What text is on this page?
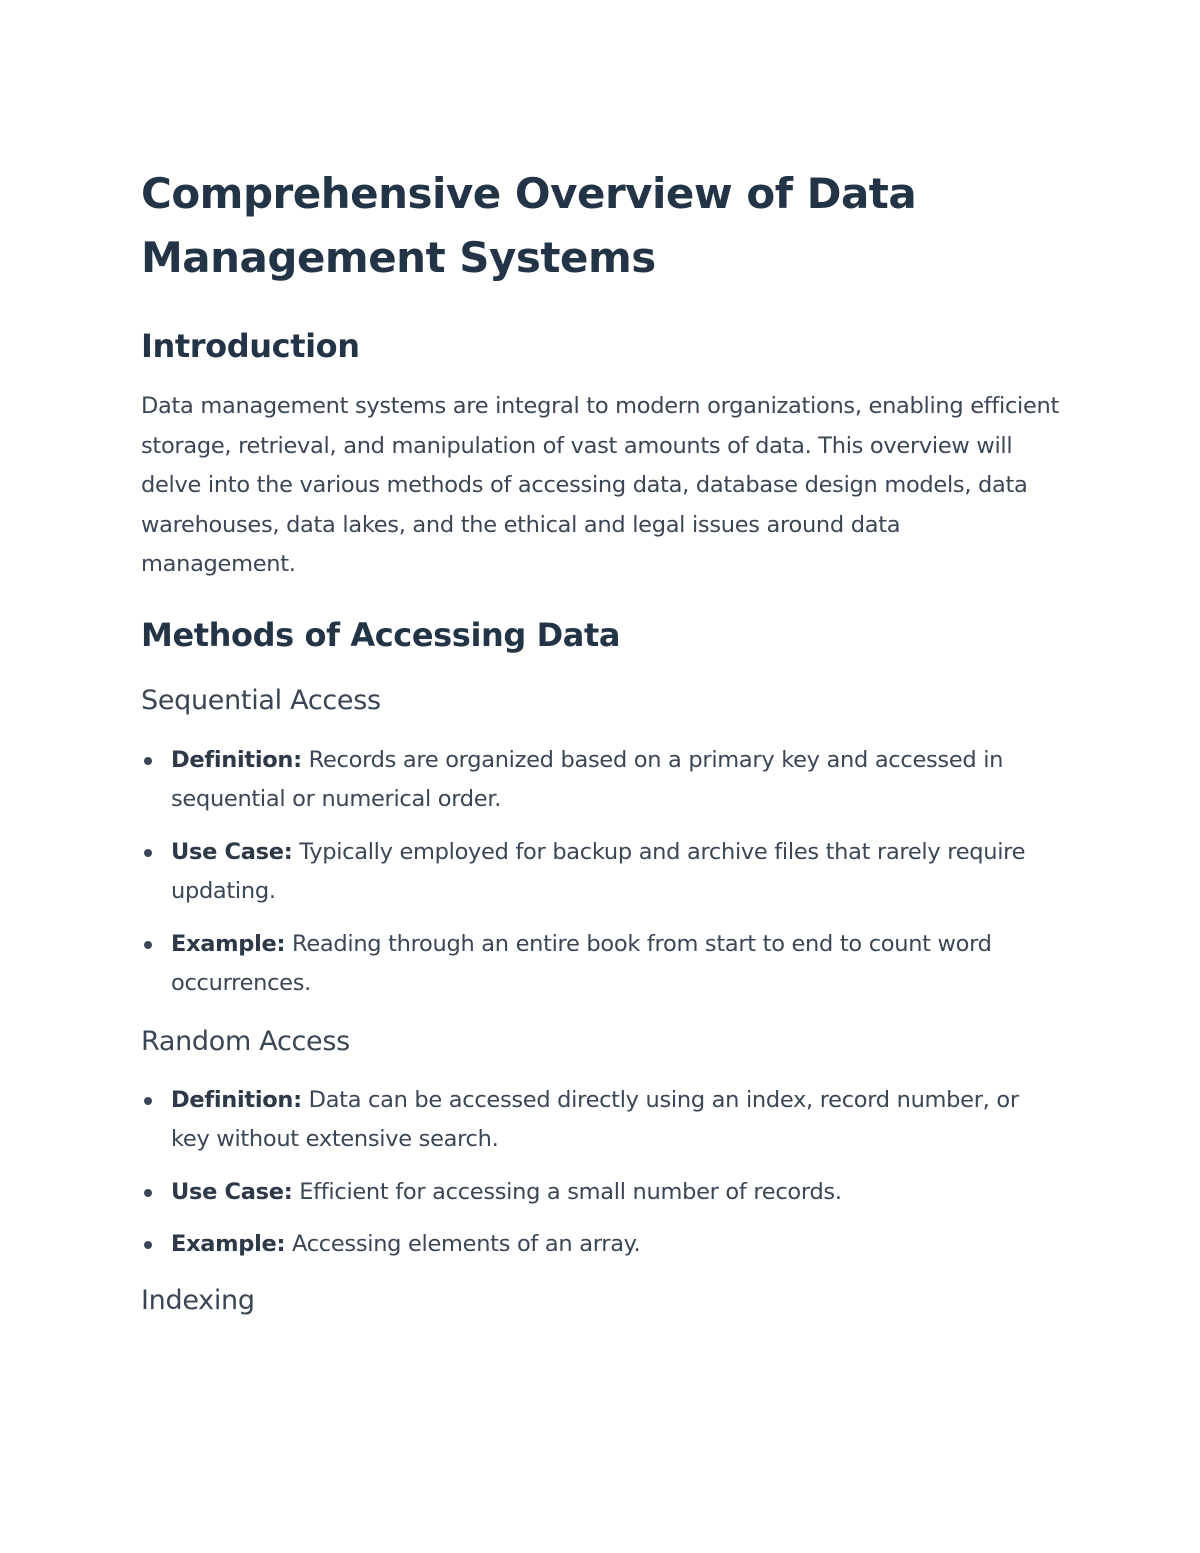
Comprehensive Overview of Data
Management Systems
Introduction

Data management systems are integral to modern organizations, enabling efficient storage, retrieval, and manipulation of vast amounts of data. This overview will delve into the various methods of accessing data, database design models, data warehouses, data lakes, and the ethical and legal issues around data management.

Methods of Accessing Data
Sequential Access
Definition: Records are organized based on a primary key and accessed in sequential or numerical order.
Use Case: Typically employed for backup and archive files that rarely require updating.
Example: Reading through an entire book from start to end to count word occurrences.
Random Access
Definition: Data can be accessed directly using an index, record number, or key without extensive search.
Use Case: Efficient for accessing a small number of records.
Example: Accessing elements of an array.
Indexing
